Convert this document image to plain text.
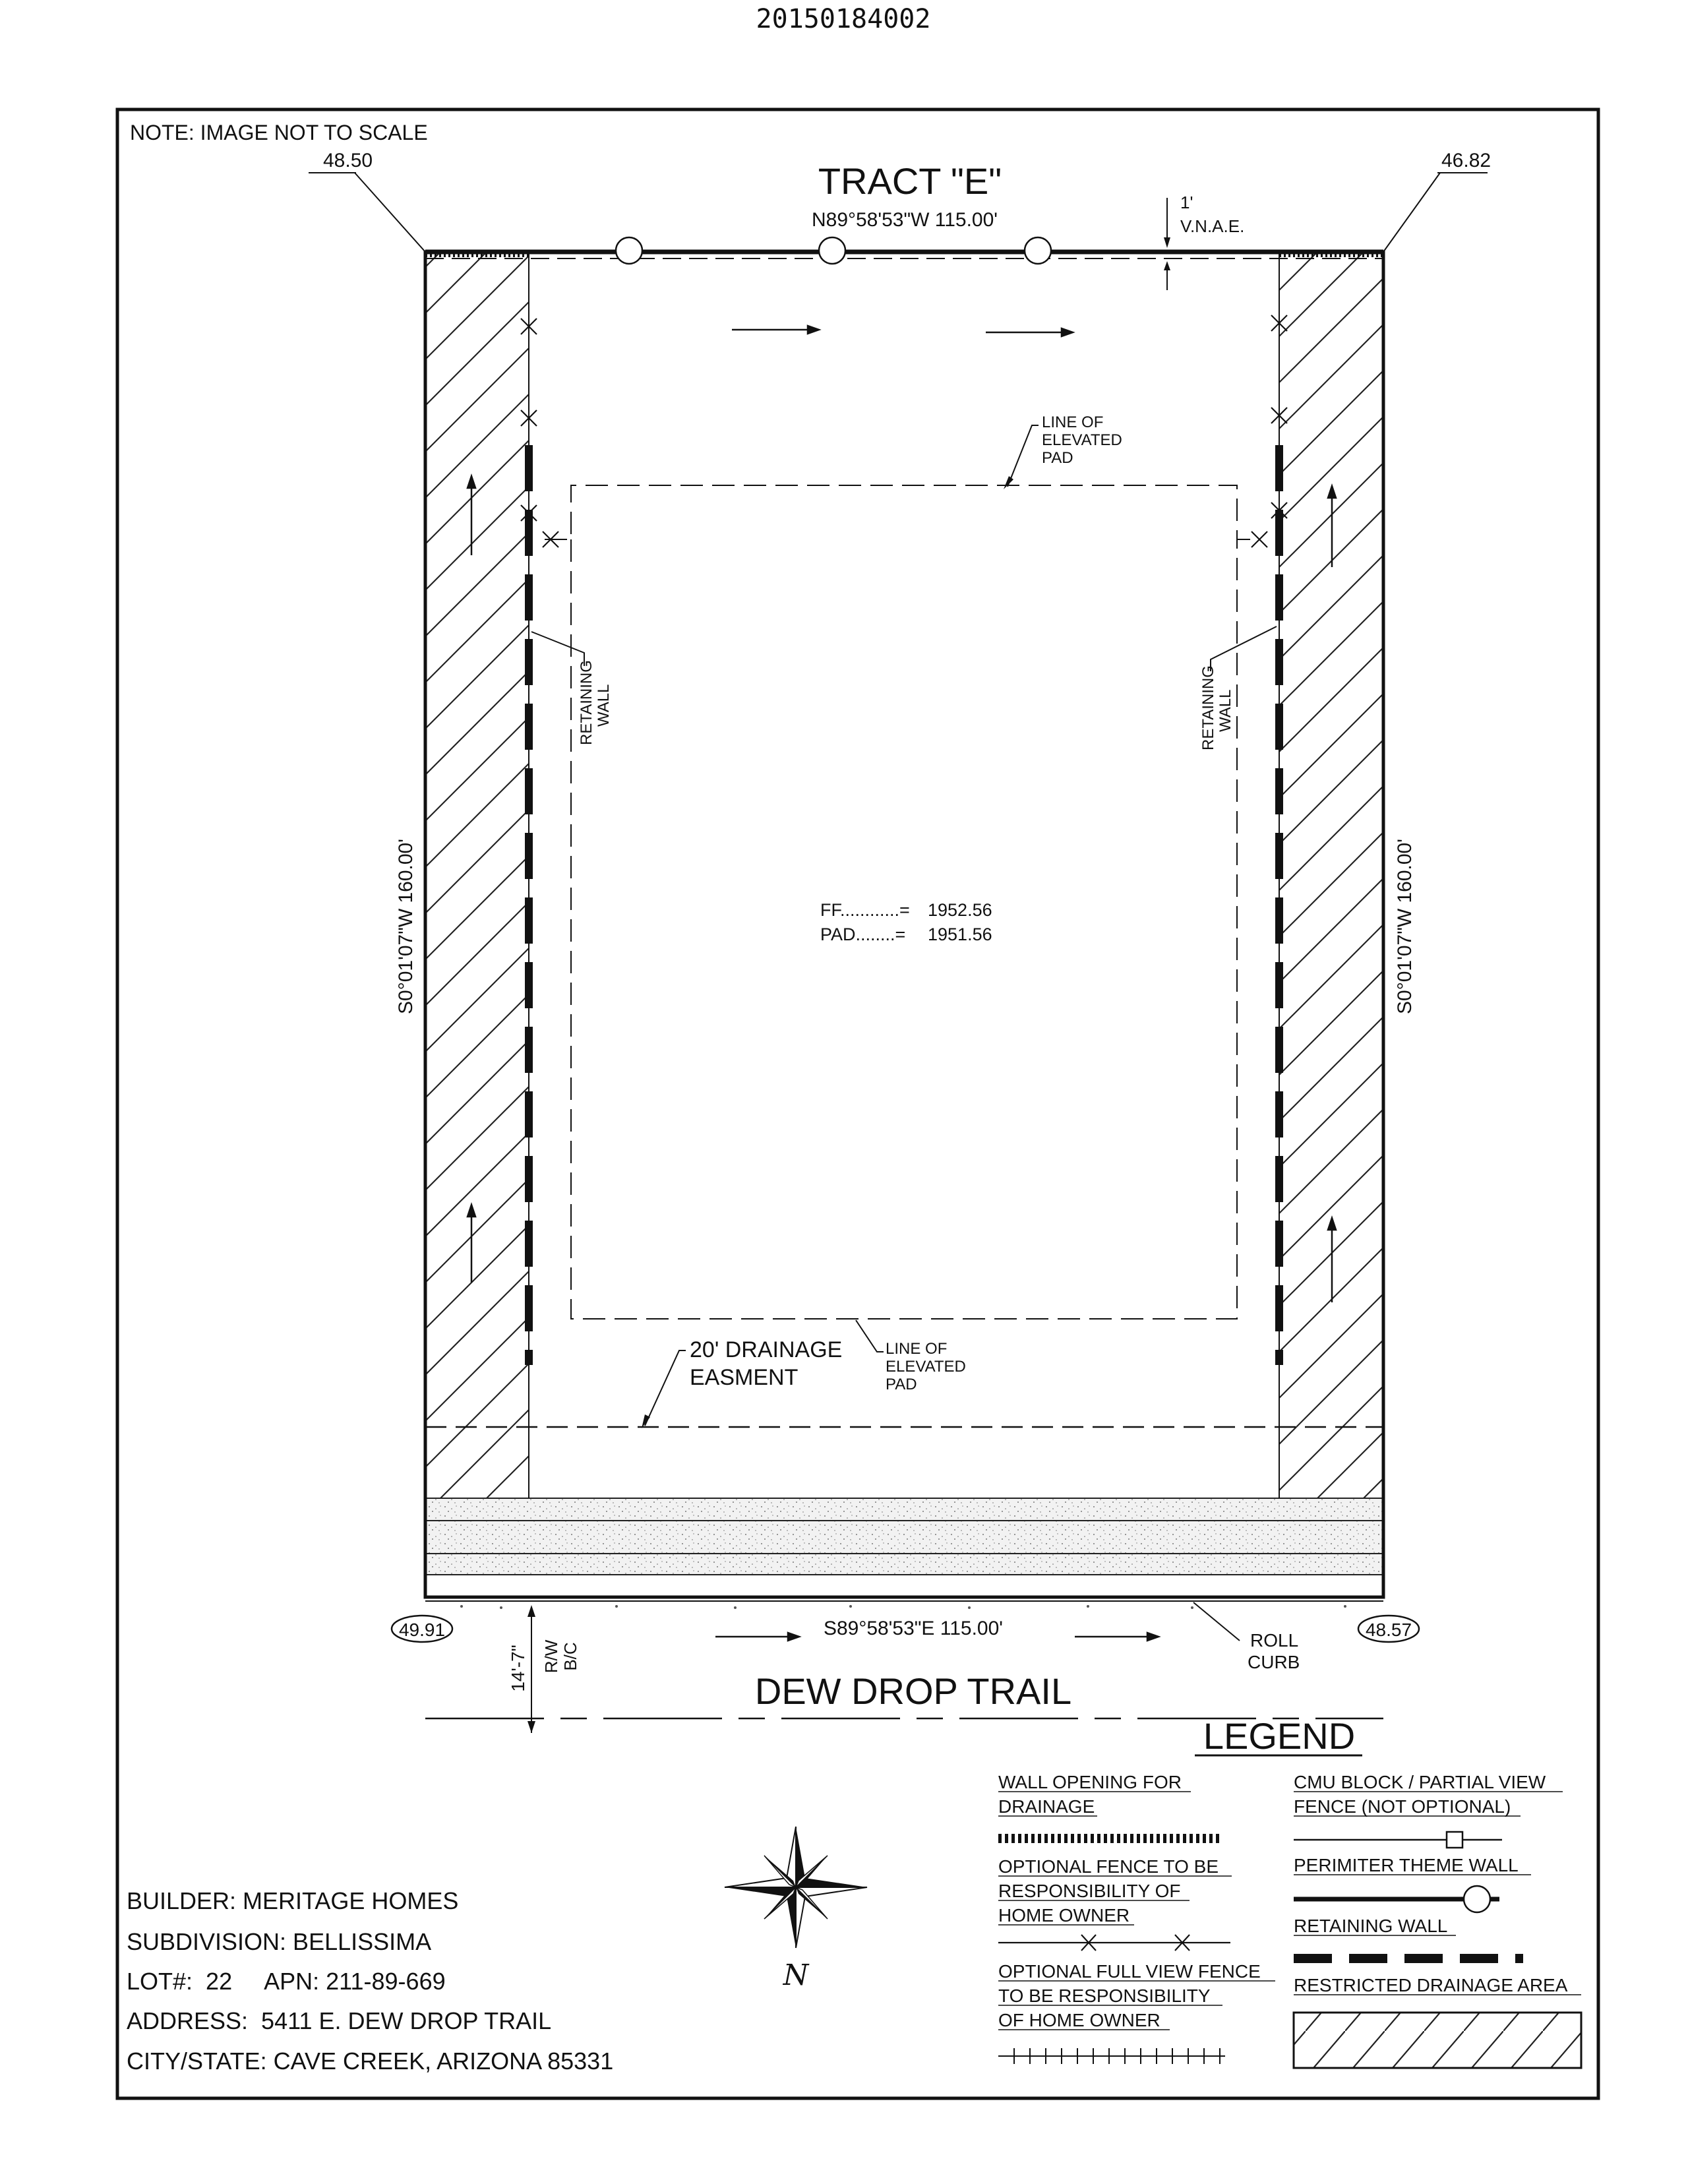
20150184002
NOTE: IMAGE NOT TO SCALE
48.50	46.82
TRACT "E"
N89°58'53"W 115.00'
1'
V.N.A.E.
LINE OF
ELEVATED
PAD
LINE OF
ELEVATED
PAD
RETAINING WALL	RETAINING WALL
S0°01'07"W 160.00'	S0°01'07"W 160.00'
FF............= 1952.56
PAD........= 1951.56
20' DRAINAGE
EASMENT
49.91	48.57
S89°58'53"E 115.00'
ROLL
CURB
14'-7" R/W B/C
DEW DROP TRAIL
N
LEGEND
WALL OPENING FOR
DRAINAGE
OPTIONAL FENCE TO BE
RESPONSIBILITY OF
HOME OWNER
OPTIONAL FULL VIEW FENCE
TO BE RESPONSIBILITY
OF HOME OWNER
CMU BLOCK / PARTIAL VIEW
FENCE (NOT OPTIONAL)
PERIMITER THEME WALL
RETAINING WALL
RESTRICTED DRAINAGE AREA
BUILDER: MERITAGE HOMES
SUBDIVISION: BELLISSIMA
LOT#:  22     APN: 211-89-669
ADDRESS:  5411 E. DEW DROP TRAIL
CITY/STATE: CAVE CREEK, ARIZONA 85331
